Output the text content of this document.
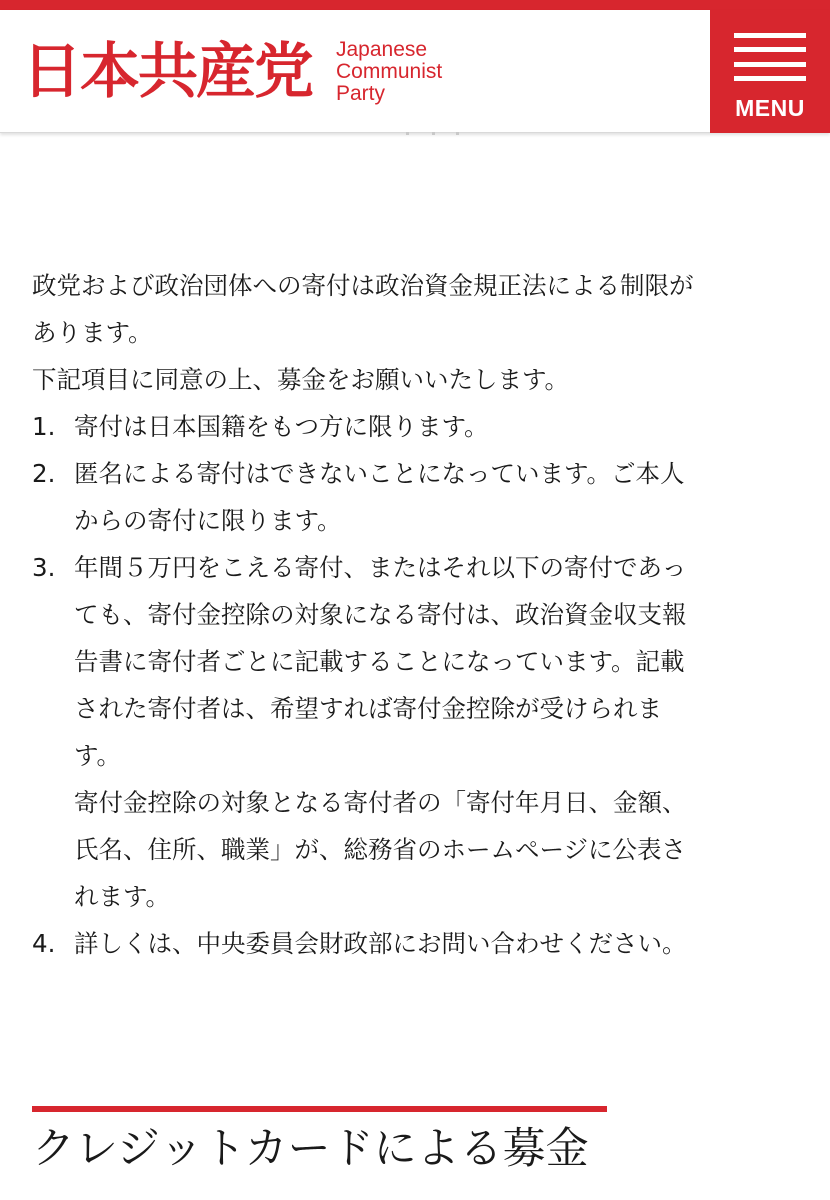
日本共産党 Japanese
Communist
Party
MENU

政党および政治団体への寄付は政治資金規正法による制限が

あります。

下記項目に同意の上、募金をお願いいたします。

1. 寄付は日本国籍をもつ方に限ります。
2. 匿名による寄付はできないことになっています。ご本人
からの寄付に限ります。
3. 年間５万円をこえる寄付、またはそれ以下の寄付であっ
ても、寄付金控除の対象になる寄付は、政治資金収支報
告書に寄付者ごとに記載することになっています。記載
された寄付者は、希望すれば寄付金控除が受けられま
す。

寄付金控除の対象となる寄付者の「寄付年月日、金額、

氏名、住所、職業」が、総務省のホームページに公表さ

れます。

4. 詳しくは、中央委員会財政部にお問い合わせください。
クレジットカードによる募金
